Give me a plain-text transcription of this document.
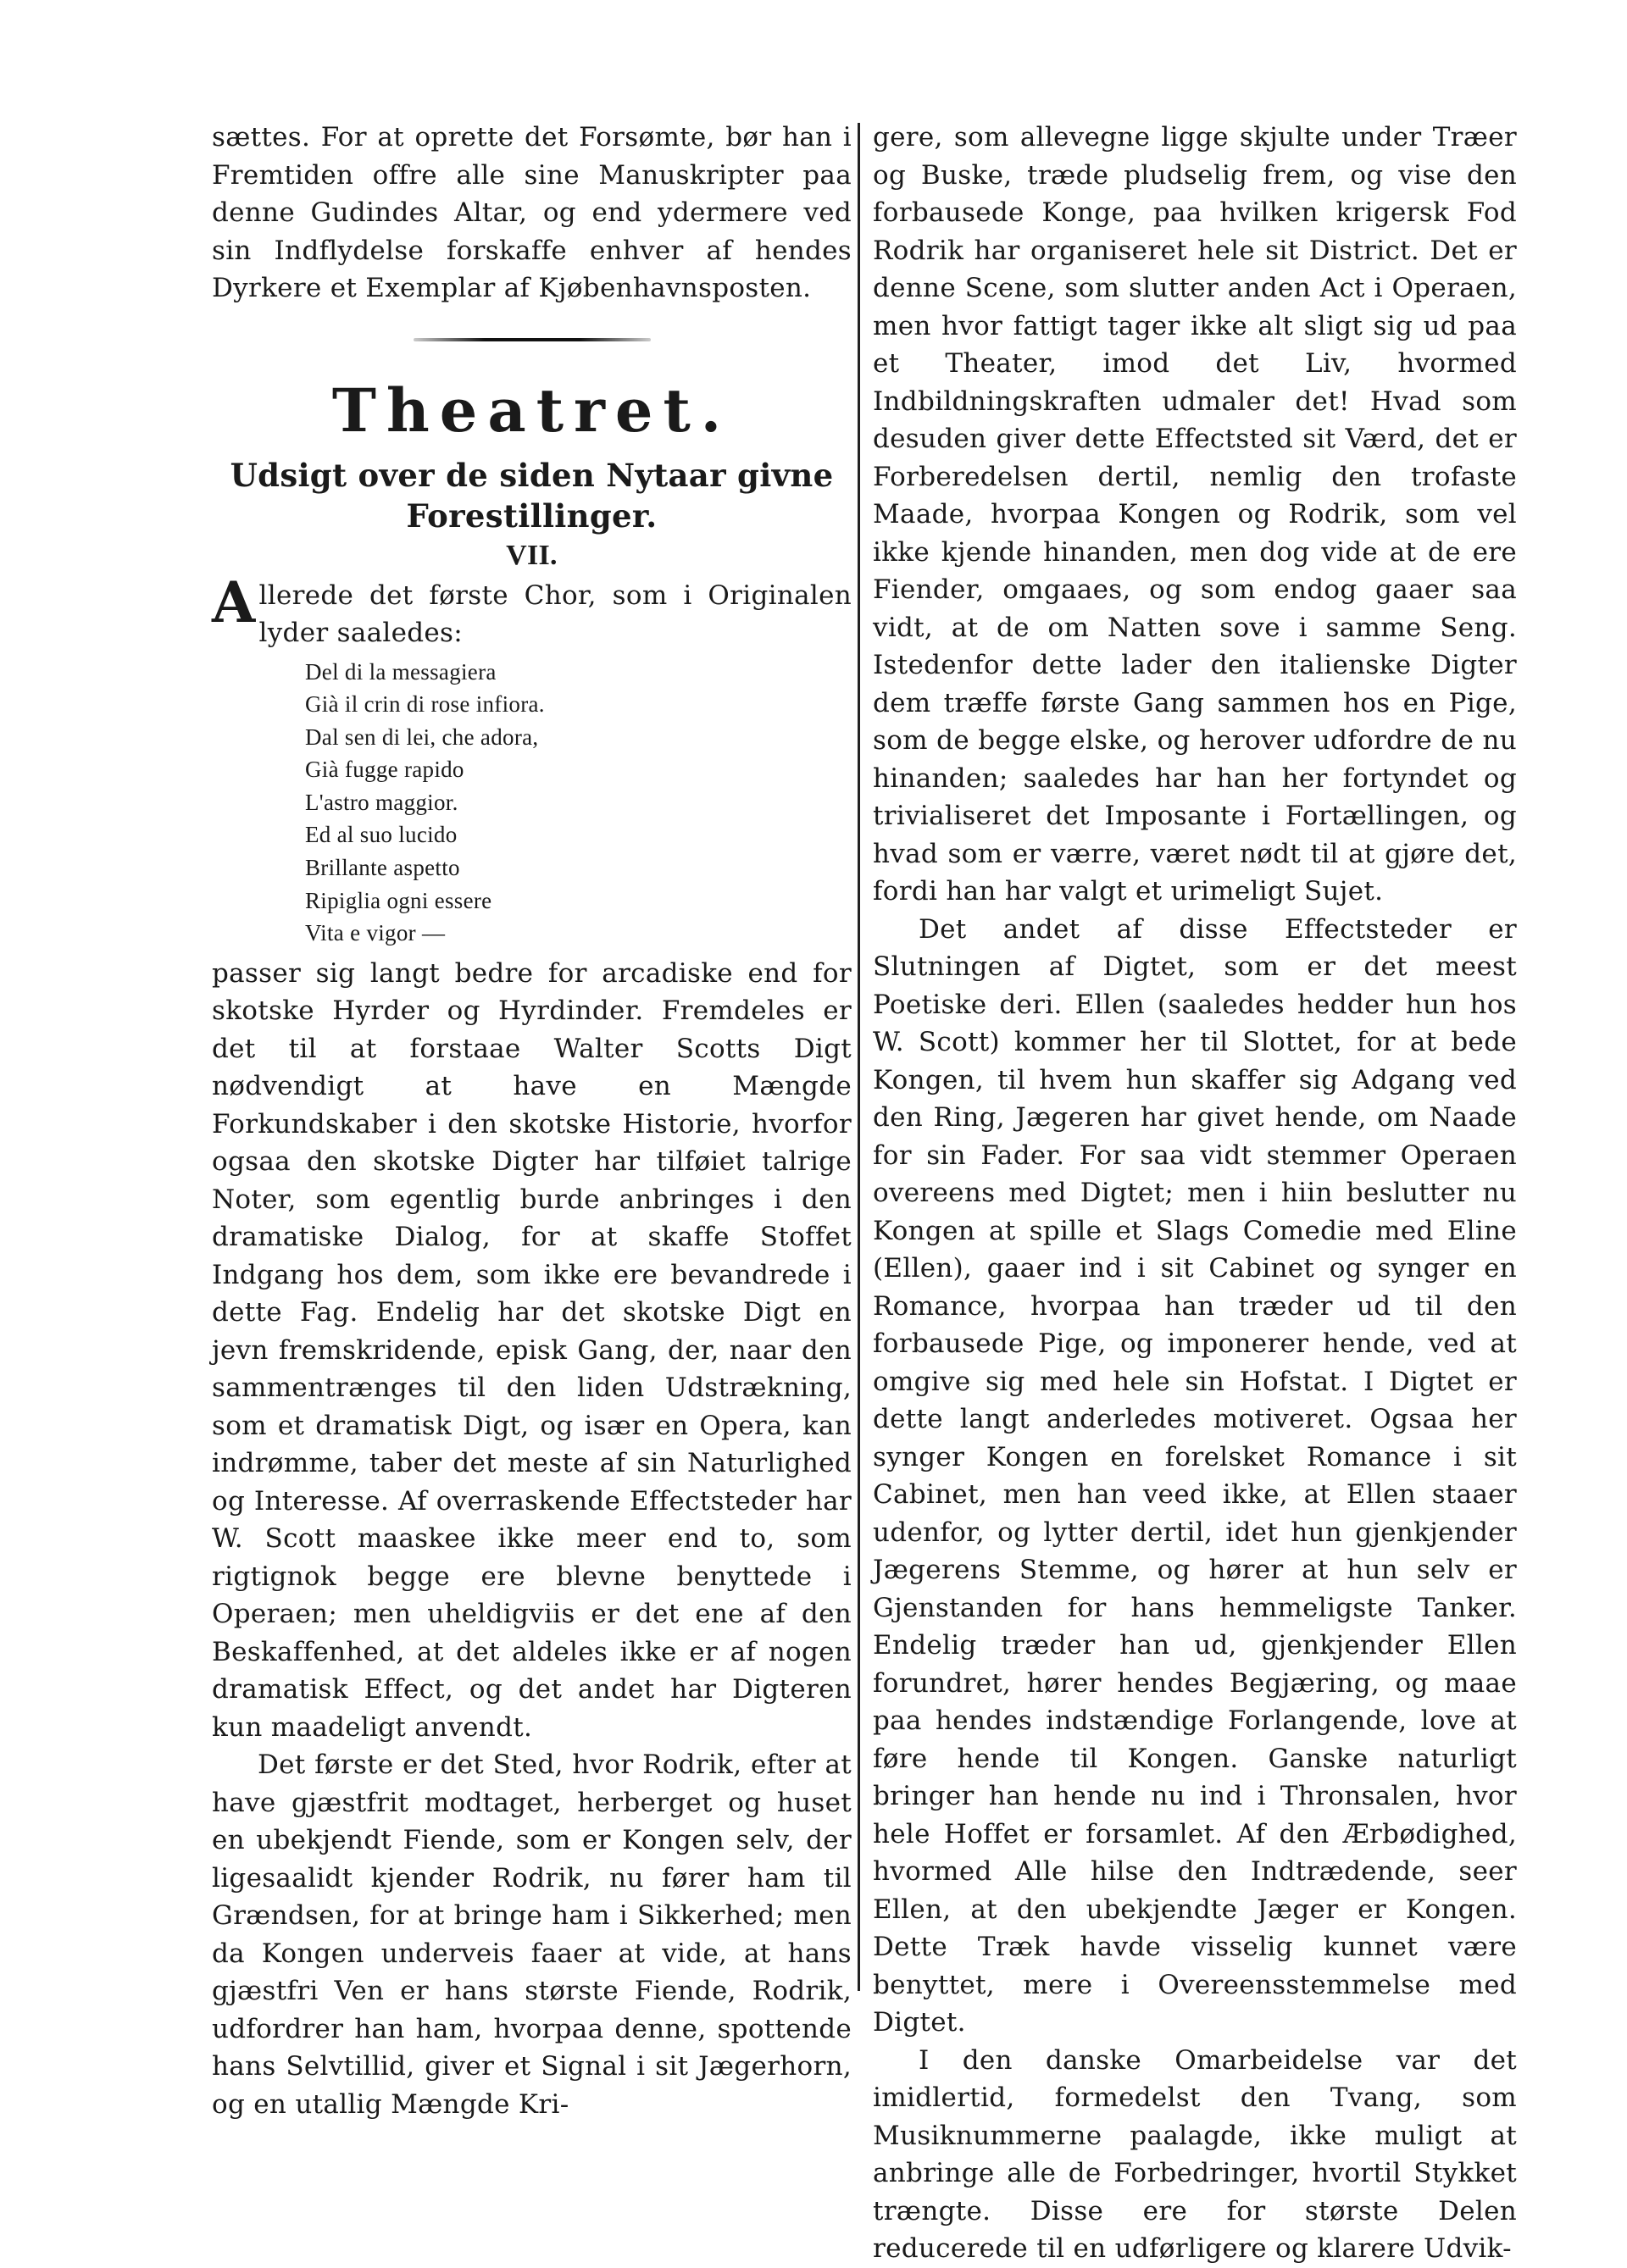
sættes. For at oprette det Forsømte, bør han i Fremtiden offre alle sine Manuskripter paa denne Gudindes Altar, og end ydermere ved sin Indflydelse forskaffe enhver af hendes Dyrkere et Exemplar af Kjøbenhavnsposten.

Theatret.
Udsigt over de siden Nytaar givne Forestillinger.
VII.

Allerede det første Chor, som i Originalen lyder saaledes:

Del di la messagiera
Già il crin di rose infiora.
Dal sen di lei, che adora,
Già fugge rapido
L'astro maggior.
Ed al suo lucido
Brillante aspetto
Ripiglia ogni essere
Vita e vigor —

passer sig langt bedre for arcadiske end for skotske Hyrder og Hyrdinder. Fremdeles er det til at forstaae Walter Scotts Digt nødvendigt at have en Mængde Forkundskaber i den skotske Historie, hvorfor ogsaa den skotske Digter har tilføiet talrige Noter, som egentlig burde anbringes i den dramatiske Dialog, for at skaffe Stoffet Indgang hos dem, som ikke ere bevandrede i dette Fag. Endelig har det skotske Digt en jevn fremskridende, episk Gang, der, naar den sammentrænges til den liden Udstrækning, som et dramatisk Digt, og især en Opera, kan indrømme, taber det meste af sin Naturlighed og Interesse. Af overraskende Effectsteder har W. Scott maaskee ikke meer end to, som rigtignok begge ere blevne benyttede i Operaen; men uheldigviis er det ene af den Beskaffenhed, at det aldeles ikke er af nogen dramatisk Effect, og det andet har Digteren kun maadeligt anvendt.

Det første er det Sted, hvor Rodrik, efter at have gjæstfrit modtaget, herberget og huset en ubekjendt Fiende, som er Kongen selv, der ligesaalidt kjender Rodrik, nu fører ham til Grændsen, for at bringe ham i Sikkerhed; men da Kongen underveis faaer at vide, at hans gjæstfri Ven er hans største Fiende, Rodrik, udfordrer han ham, hvorpaa denne, spottende hans Selvtillid, giver et Signal i sit Jægerhorn, og en utallig Mængde Kri-

gere, som allevegne ligge skjulte under Træer og Buske, træde pludselig frem, og vise den forbausede Konge, paa hvilken krigersk Fod Rodrik har organiseret hele sit District. Det er denne Scene, som slutter anden Act i Operaen, men hvor fattigt tager ikke alt sligt sig ud paa et Theater, imod det Liv, hvormed Indbildningskraften udmaler det! Hvad som desuden giver dette Effectsted sit Værd, det er Forberedelsen dertil, nemlig den trofaste Maade, hvorpaa Kongen og Rodrik, som vel ikke kjende hinanden, men dog vide at de ere Fiender, omgaaes, og som endog gaaer saa vidt, at de om Natten sove i samme Seng. Istedenfor dette lader den italienske Digter dem træffe første Gang sammen hos en Pige, som de begge elske, og herover udfordre de nu hinanden; saaledes har han her fortyndet og trivialiseret det Imposante i Fortællingen, og hvad som er værre, været nødt til at gjøre det, fordi han har valgt et urimeligt Sujet.

Det andet af disse Effectsteder er Slutningen af Digtet, som er det meest Poetiske deri. Ellen (saaledes hedder hun hos W. Scott) kommer her til Slottet, for at bede Kongen, til hvem hun skaffer sig Adgang ved den Ring, Jægeren har givet hende, om Naade for sin Fader. For saa vidt stemmer Operaen overeens med Digtet; men i hiin beslutter nu Kongen at spille et Slags Comedie med Eline (Ellen), gaaer ind i sit Cabinet og synger en Romance, hvorpaa han træder ud til den forbausede Pige, og imponerer hende, ved at omgive sig med hele sin Hofstat. I Digtet er dette langt anderledes motiveret. Ogsaa her synger Kongen en forelsket Romance i sit Cabinet, men han veed ikke, at Ellen staaer udenfor, og lytter dertil, idet hun gjenkjender Jægerens Stemme, og hører at hun selv er Gjenstanden for hans hemmeligste Tanker. Endelig træder han ud, gjenkjender Ellen forundret, hører hendes Begjæring, og maae paa hendes indstændige Forlangende, love at føre hende til Kongen. Ganske naturligt bringer han hende nu ind i Thronsalen, hvor hele Hoffet er forsamlet. Af den Ærbødighed, hvormed Alle hilse den Indtrædende, seer Ellen, at den ubekjendte Jæger er Kongen. Dette Træk havde visselig kunnet være benyttet, mere i Overeensstemmelse med Digtet.

I den danske Omarbeidelse var det imidlertid, formedelst den Tvang, som Musiknummerne paalagde, ikke muligt at anbringe alle de Forbedringer, hvortil Stykket trængte. Disse ere for største Delen reducerede til en udførligere og klarere Udvik-
